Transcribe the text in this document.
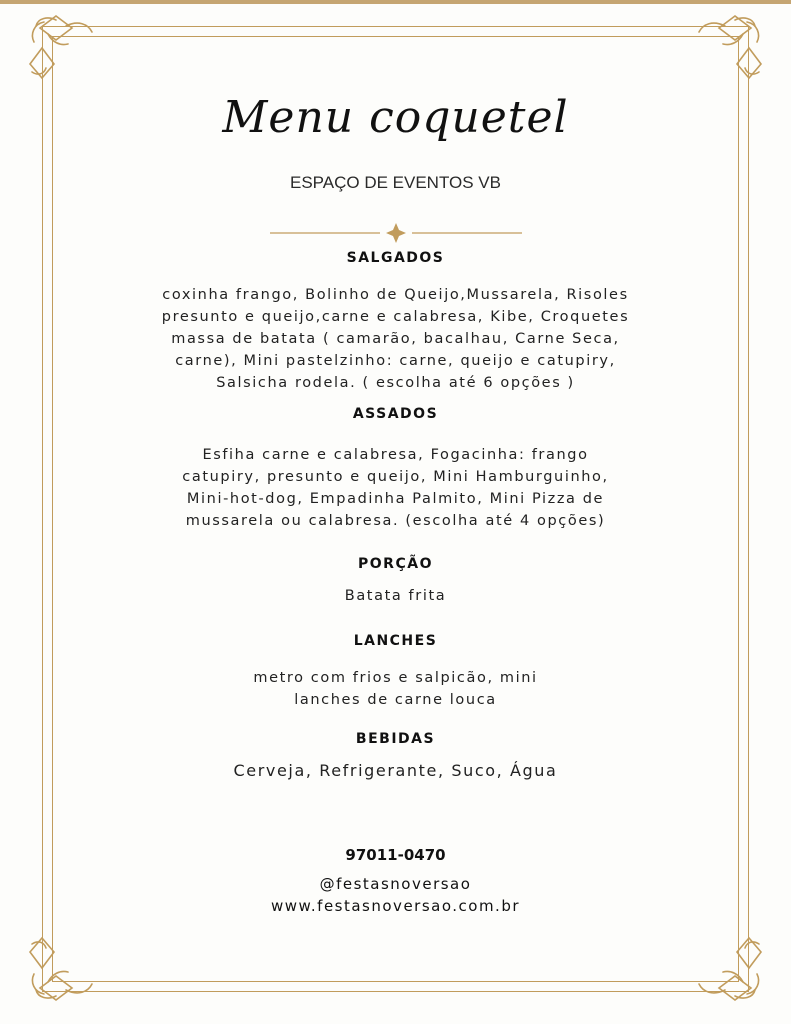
Menu coquetel
ESPAÇO DE EVENTOS VB
SALGADOS
coxinha frango, Bolinho de Queijo,Mussarela, Risoles
presunto e queijo,carne e calabresa, Kibe, Croquetes
massa de batata ( camarão, bacalhau, Carne Seca,
carne), Mini pastelzinho: carne, queijo e catupiry,
Salsicha rodela. ( escolha até 6 opções )
ASSADOS
Esfiha carne e calabresa, Fogacinha: frango
catupiry, presunto e queijo, Mini Hamburguinho,
Mini-hot-dog, Empadinha Palmito, Mini Pizza de
mussarela ou calabresa. (escolha até 4 opções)
PORÇÃO
Batata frita
LANCHES
metro com frios e salpicão, mini
lanches de carne louca
BEBIDAS
Cerveja, Refrigerante, Suco, Água
97011-0470
@festasnoversao
www.festasnoversao.com.br
